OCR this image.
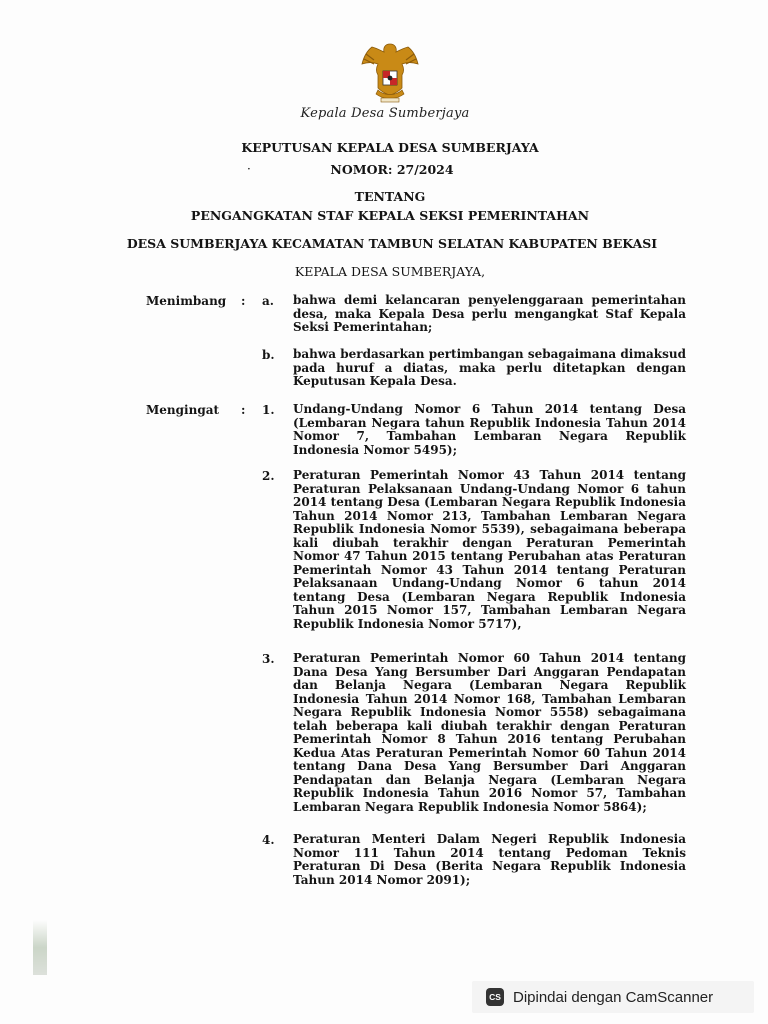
Kepala Desa Sumberjaya
KEPUTUSAN KEPALA DESA SUMBERJAYA
NOMOR: 27/2024
·
TENTANG
PENGANGKATAN STAF KEPALA SEKSI PEMERINTAHAN
DESA SUMBERJAYA KECAMATAN TAMBUN SELATAN KABUPATEN BEKASI
KEPALA DESA SUMBERJAYA,
Menimbang : a. bahwa demi kelancaran penyelenggaraan pemerintahan desa, maka Kepala Desa perlu mengangkat Staf Kepala Seksi Pemerintahan;
b. bahwa berdasarkan pertimbangan sebagaimana dimaksud pada huruf a diatas, maka perlu ditetapkan dengan Keputusan Kepala Desa.
Mengingat : 1. Undang-Undang Nomor 6 Tahun 2014 tentang Desa (Lembaran Negara tahun Republik Indonesia Tahun 2014 Nomor 7, Tambahan Lembaran Negara Republik Indonesia Nomor 5495);
2. Peraturan Pemerintah Nomor 43 Tahun 2014 tentang Peraturan Pelaksanaan Undang-Undang Nomor 6 tahun 2014 tentang Desa (Lembaran Negara Republik Indonesia Tahun 2014 Nomor 213, Tambahan Lembaran Negara Republik Indonesia Nomor 5539), sebagaimana beberapa kali diubah terakhir dengan Peraturan Pemerintah Nomor 47 Tahun 2015 tentang Perubahan atas Peraturan Pemerintah Nomor 43 Tahun 2014 tentang Peraturan Pelaksanaan Undang-Undang Nomor 6 tahun 2014 tentang Desa (Lembaran Negara Republik Indonesia Tahun 2015 Nomor 157, Tambahan Lembaran Negara Republik Indonesia Nomor 5717),
3. Peraturan Pemerintah Nomor 60 Tahun 2014 tentang Dana Desa Yang Bersumber Dari Anggaran Pendapatan dan Belanja Negara (Lembaran Negara Republik Indonesia Tahun 2014 Nomor 168, Tambahan Lembaran Negara Republik Indonesia Nomor 5558) sebagaimana telah beberapa kali diubah terakhir dengan Peraturan Pemerintah Nomor 8 Tahun 2016 tentang Perubahan Kedua Atas Peraturan Pemerintah Nomor 60 Tahun 2014 tentang Dana Desa Yang Bersumber Dari Anggaran Pendapatan dan Belanja Negara (Lembaran Negara Republik Indonesia Tahun 2016 Nomor 57, Tambahan Lembaran Negara Republik Indonesia Nomor 5864);
4. Peraturan Menteri Dalam Negeri Republik Indonesia Nomor 111 Tahun 2014 tentang Pedoman Teknis Peraturan Di Desa (Berita Negara Republik Indonesia Tahun 2014 Nomor 2091);
CS Dipindai dengan CamScanner
